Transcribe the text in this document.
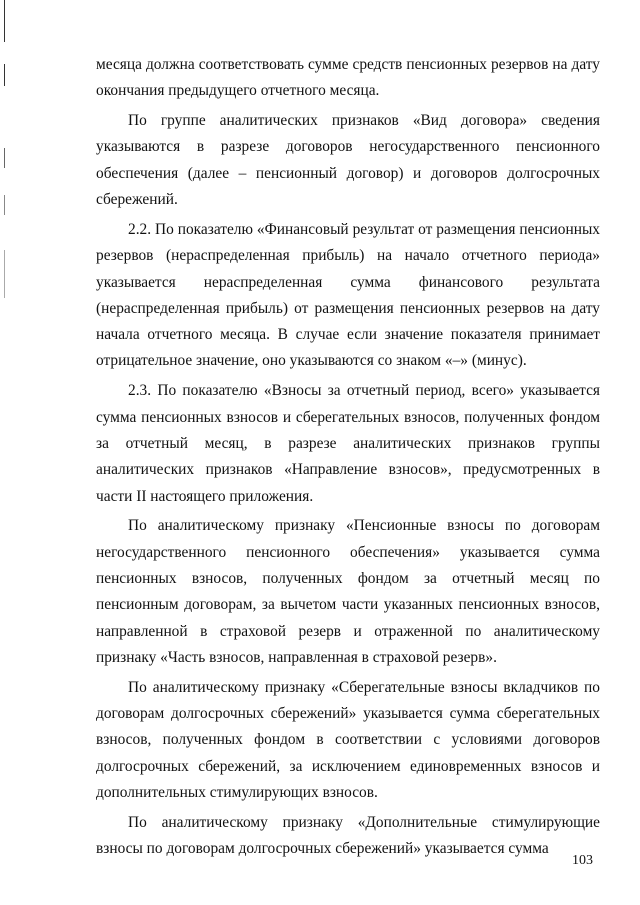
месяца должна соответствовать сумме средств пенсионных резервов на дату окончания предыдущего отчетного месяца.

По группе аналитических признаков «Вид договора» сведения указываются в разрезе договоров негосударственного пенсионного обеспечения (далее – пенсионный договор) и договоров долгосрочных сбережений.

2.2. По показателю «Финансовый результат от размещения пенсионных резервов (нераспределенная прибыль) на начало отчетного периода» указывается нераспределенная сумма финансового результата (нераспределенная прибыль) от размещения пенсионных резервов на дату начала отчетного месяца. В случае если значение показателя принимает отрицательное значение, оно указываются со знаком «–» (минус).

2.3. По показателю «Взносы за отчетный период, всего» указывается сумма пенсионных взносов и сберегательных взносов, полученных фондом за отчетный месяц, в разрезе аналитических признаков группы аналитических признаков «Направление взносов», предусмотренных в части II настоящего приложения.

По аналитическому признаку «Пенсионные взносы по договорам негосударственного пенсионного обеспечения» указывается сумма пенсионных взносов, полученных фондом за отчетный месяц по пенсионным договорам, за вычетом части указанных пенсионных взносов, направленной в страховой резерв и отраженной по аналитическому признаку «Часть взносов, направленная в страховой резерв».

По аналитическому признаку «Сберегательные взносы вкладчиков по договорам долгосрочных сбережений» указывается сумма сберегательных взносов, полученных фондом в соответствии с условиями договоров долгосрочных сбережений, за исключением единовременных взносов и дополнительных стимулирующих взносов.

По аналитическому признаку «Дополнительные стимулирующие взносы по договорам долгосрочных сбережений» указывается сумма

103
